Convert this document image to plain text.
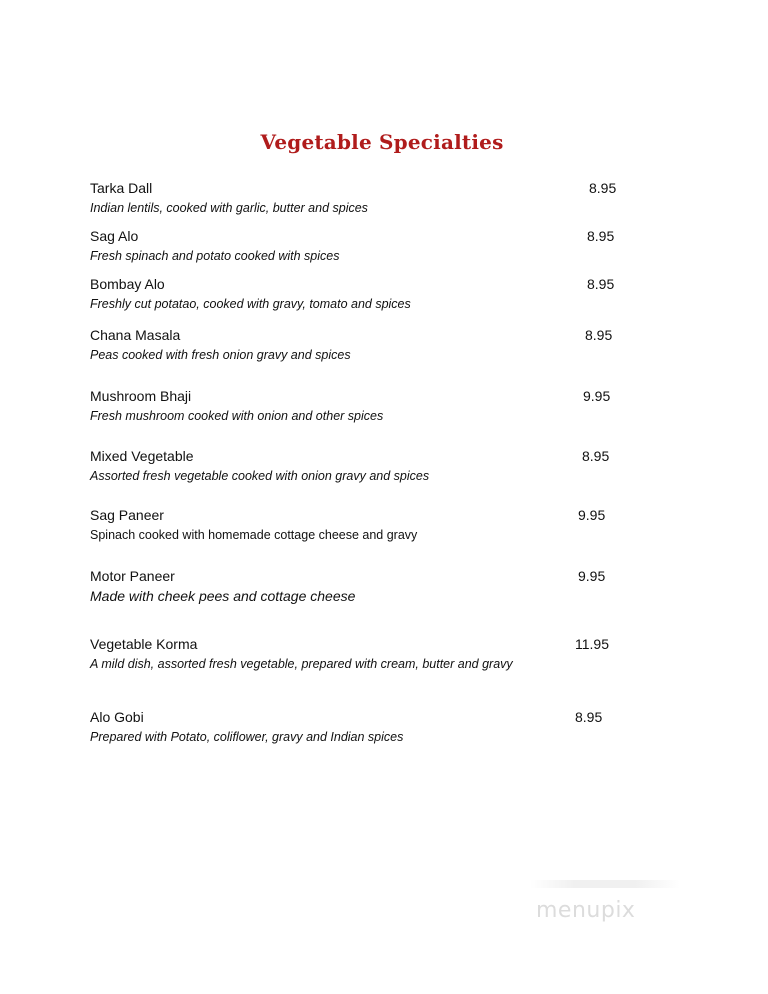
Vegetable Specialties
Tarka Dall
Indian lentils, cooked with garlic, butter and spices
8.95
Sag Alo
Fresh spinach and potato cooked with spices
8.95
Bombay Alo
Freshly cut potatao, cooked with gravy, tomato and spices
8.95
Chana Masala
Peas cooked with fresh onion gravy and spices
8.95
Mushroom Bhaji
Fresh mushroom cooked with onion and other spices
9.95
Mixed Vegetable
Assorted fresh vegetable cooked with onion gravy and spices
8.95
Sag Paneer
Spinach cooked with homemade cottage cheese and gravy
9.95
Motor Paneer
Made with cheek pees and cottage cheese
9.95
Vegetable Korma
A mild dish, assorted fresh vegetable, prepared with cream, butter and gravy
11.95
Alo Gobi
Prepared with Potato, coliflower, gravy and Indian spices
8.95
menupix
